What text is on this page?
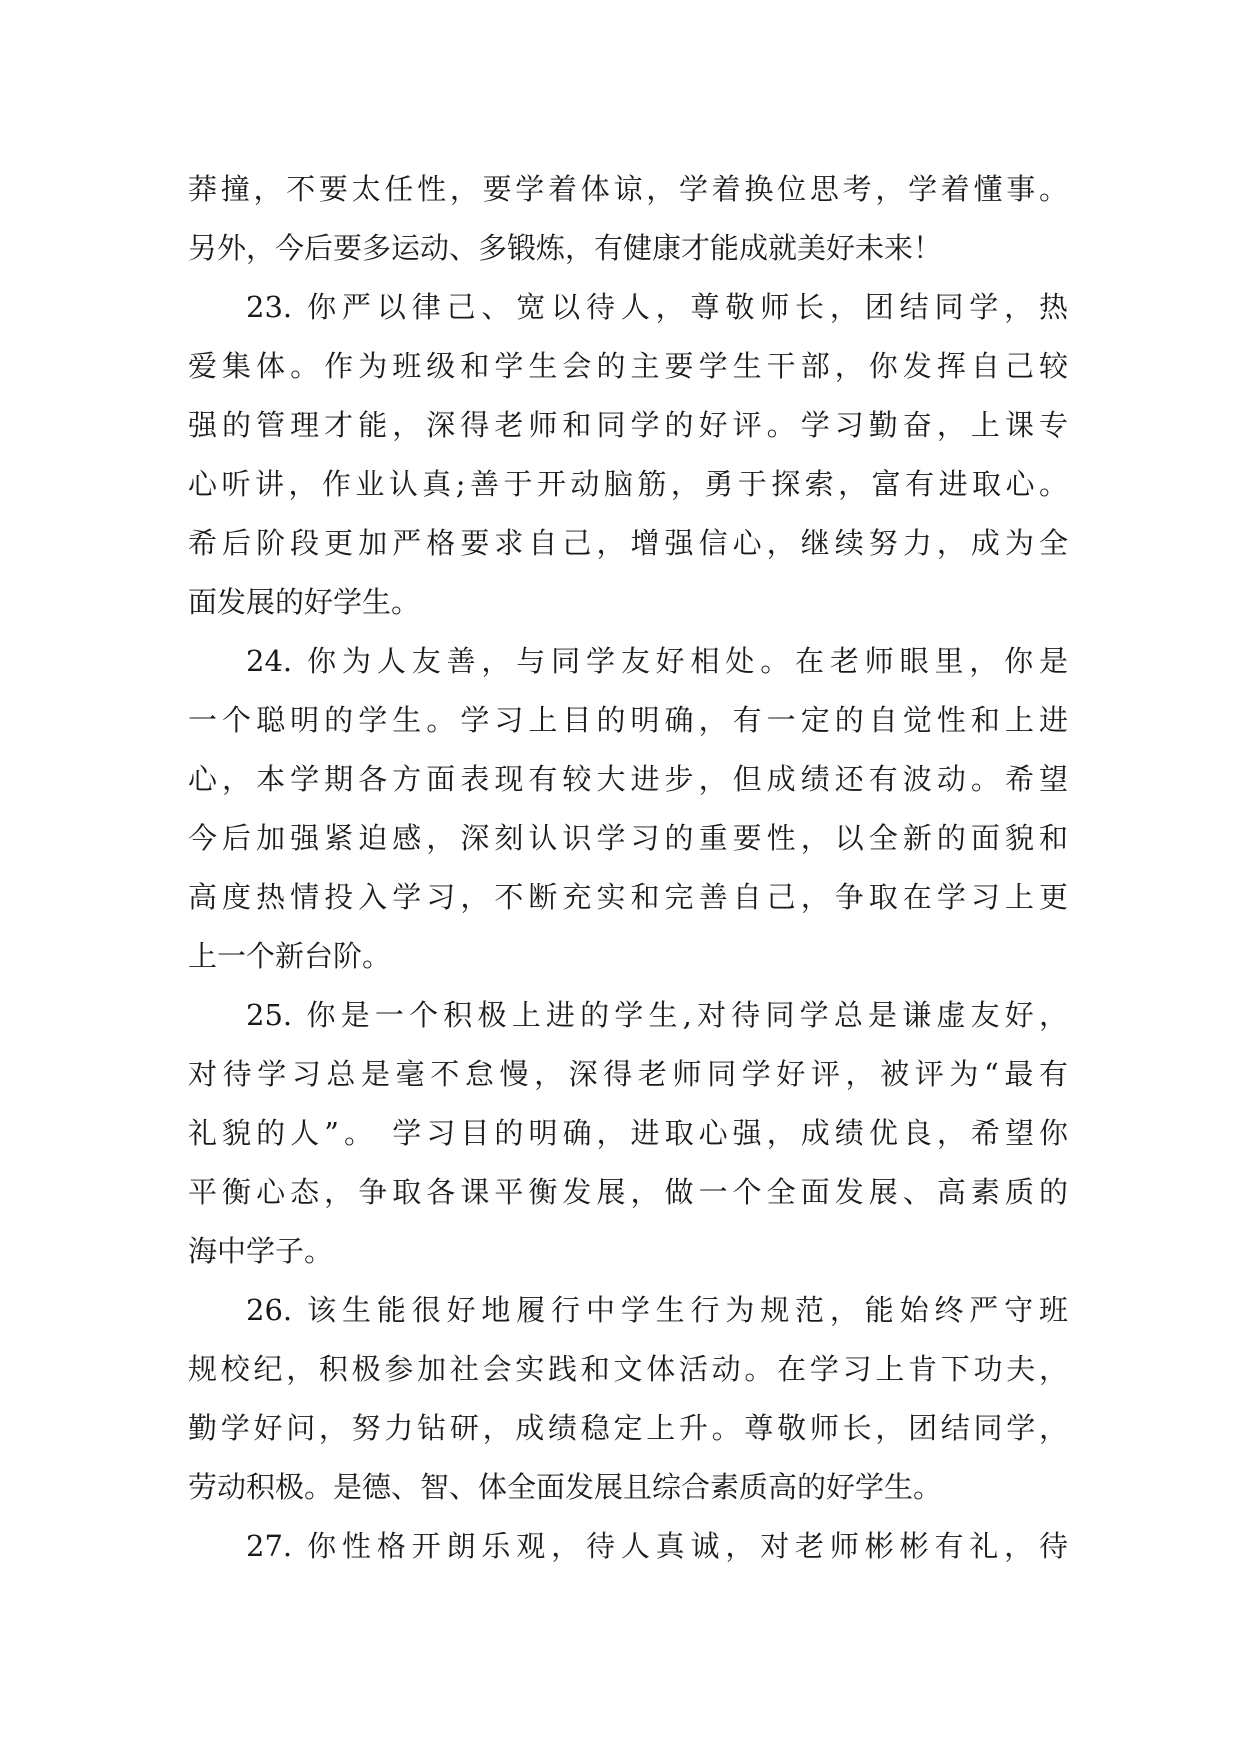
莽撞，不要太任性，要学着体谅，学着换位思考，学着懂事。
另外，今后要多运动、多锻炼，有健康才能成就美好未来！
23. 你严以律己、宽以待人，尊敬师长，团结同学，热
爱集体。作为班级和学生会的主要学生干部，你发挥自己较
强的管理才能，深得老师和同学的好评。学习勤奋，上课专
心听讲，作业认真;善于开动脑筋，勇于探索，富有进取心。
希后阶段更加严格要求自己，增强信心，继续努力，成为全
面发展的好学生。
24. 你为人友善，与同学友好相处。在老师眼里，你是
一个聪明的学生。学习上目的明确，有一定的自觉性和上进
心，本学期各方面表现有较大进步，但成绩还有波动。希望
今后加强紧迫感，深刻认识学习的重要性，以全新的面貌和
高度热情投入学习，不断充实和完善自己，争取在学习上更
上一个新台阶。
25. 你是一个积极上进的学生,对待同学总是谦虚友好，
对待学习总是毫不怠慢，深得老师同学好评，被评为“最有
礼貌的人”。 学习目的明确，进取心强，成绩优良，希望你
平衡心态，争取各课平衡发展，做一个全面发展、高素质的
海中学子。
26. 该生能很好地履行中学生行为规范，能始终严守班
规校纪，积极参加社会实践和文体活动。在学习上肯下功夫，
勤学好问，努力钻研，成绩稳定上升。尊敬师长，团结同学，
劳动积极。是德、智、体全面发展且综合素质高的好学生。
27. 你性格开朗乐观，待人真诚，对老师彬彬有礼，待
